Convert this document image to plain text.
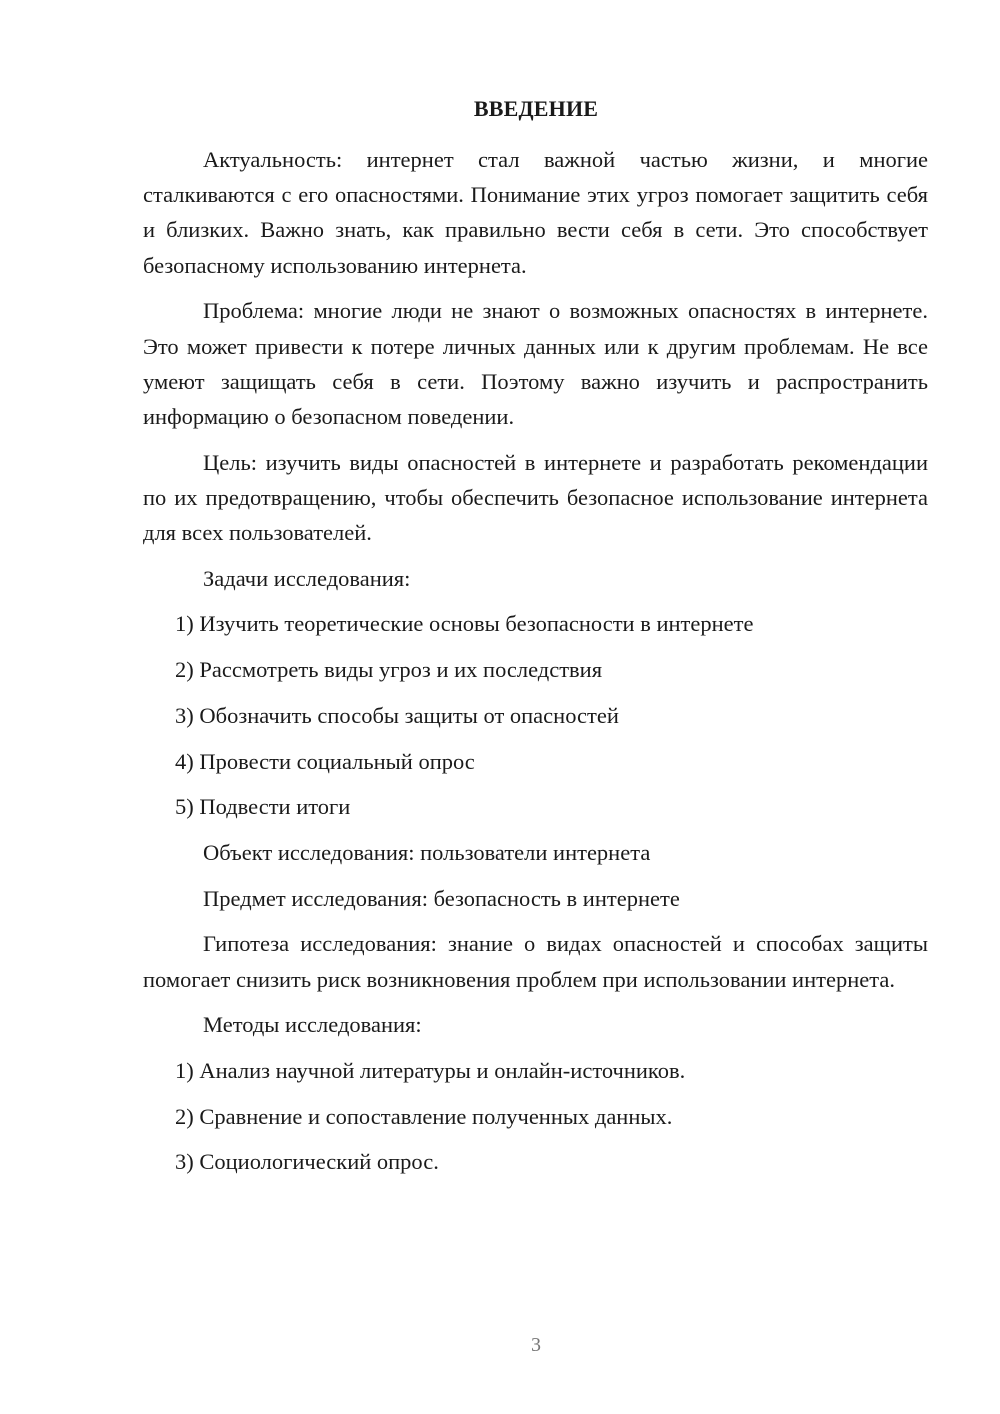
ВВЕДЕНИЕ

Актуальность: интернет стал важной частью жизни, и многие сталкиваются с его опасностями. Понимание этих угроз помогает защитить себя и близких. Важно знать, как правильно вести себя в сети. Это способствует безопасному использованию интернета.

Проблема: многие люди не знают о возможных опасностях в интернете. Это может привести к потере личных данных или к другим проблемам. Не все умеют защищать себя в сети. Поэтому важно изучить и распространить информацию о безопасном поведении.

Цель: изучить виды опасностей в интернете и разработать рекомендации по их предотвращению, чтобы обеспечить безопасное использование интернета для всех пользователей.

Задачи исследования:
1) Изучить теоретические основы безопасности в интернете
2) Рассмотреть виды угроз и их последствия
3) Обозначить способы защиты от опасностей
4) Провести социальный опрос
5) Подвести итоги
Объект исследования: пользователи интернета
Предмет исследования: безопасность в интернете

Гипотеза исследования: знание о видах опасностей и способах защиты помогает снизить риск возникновения проблем при использовании интернета.

Методы исследования:
1) Анализ научной литературы и онлайн-источников.
2) Сравнение и сопоставление полученных данных.
3) Социологический опрос.
3
